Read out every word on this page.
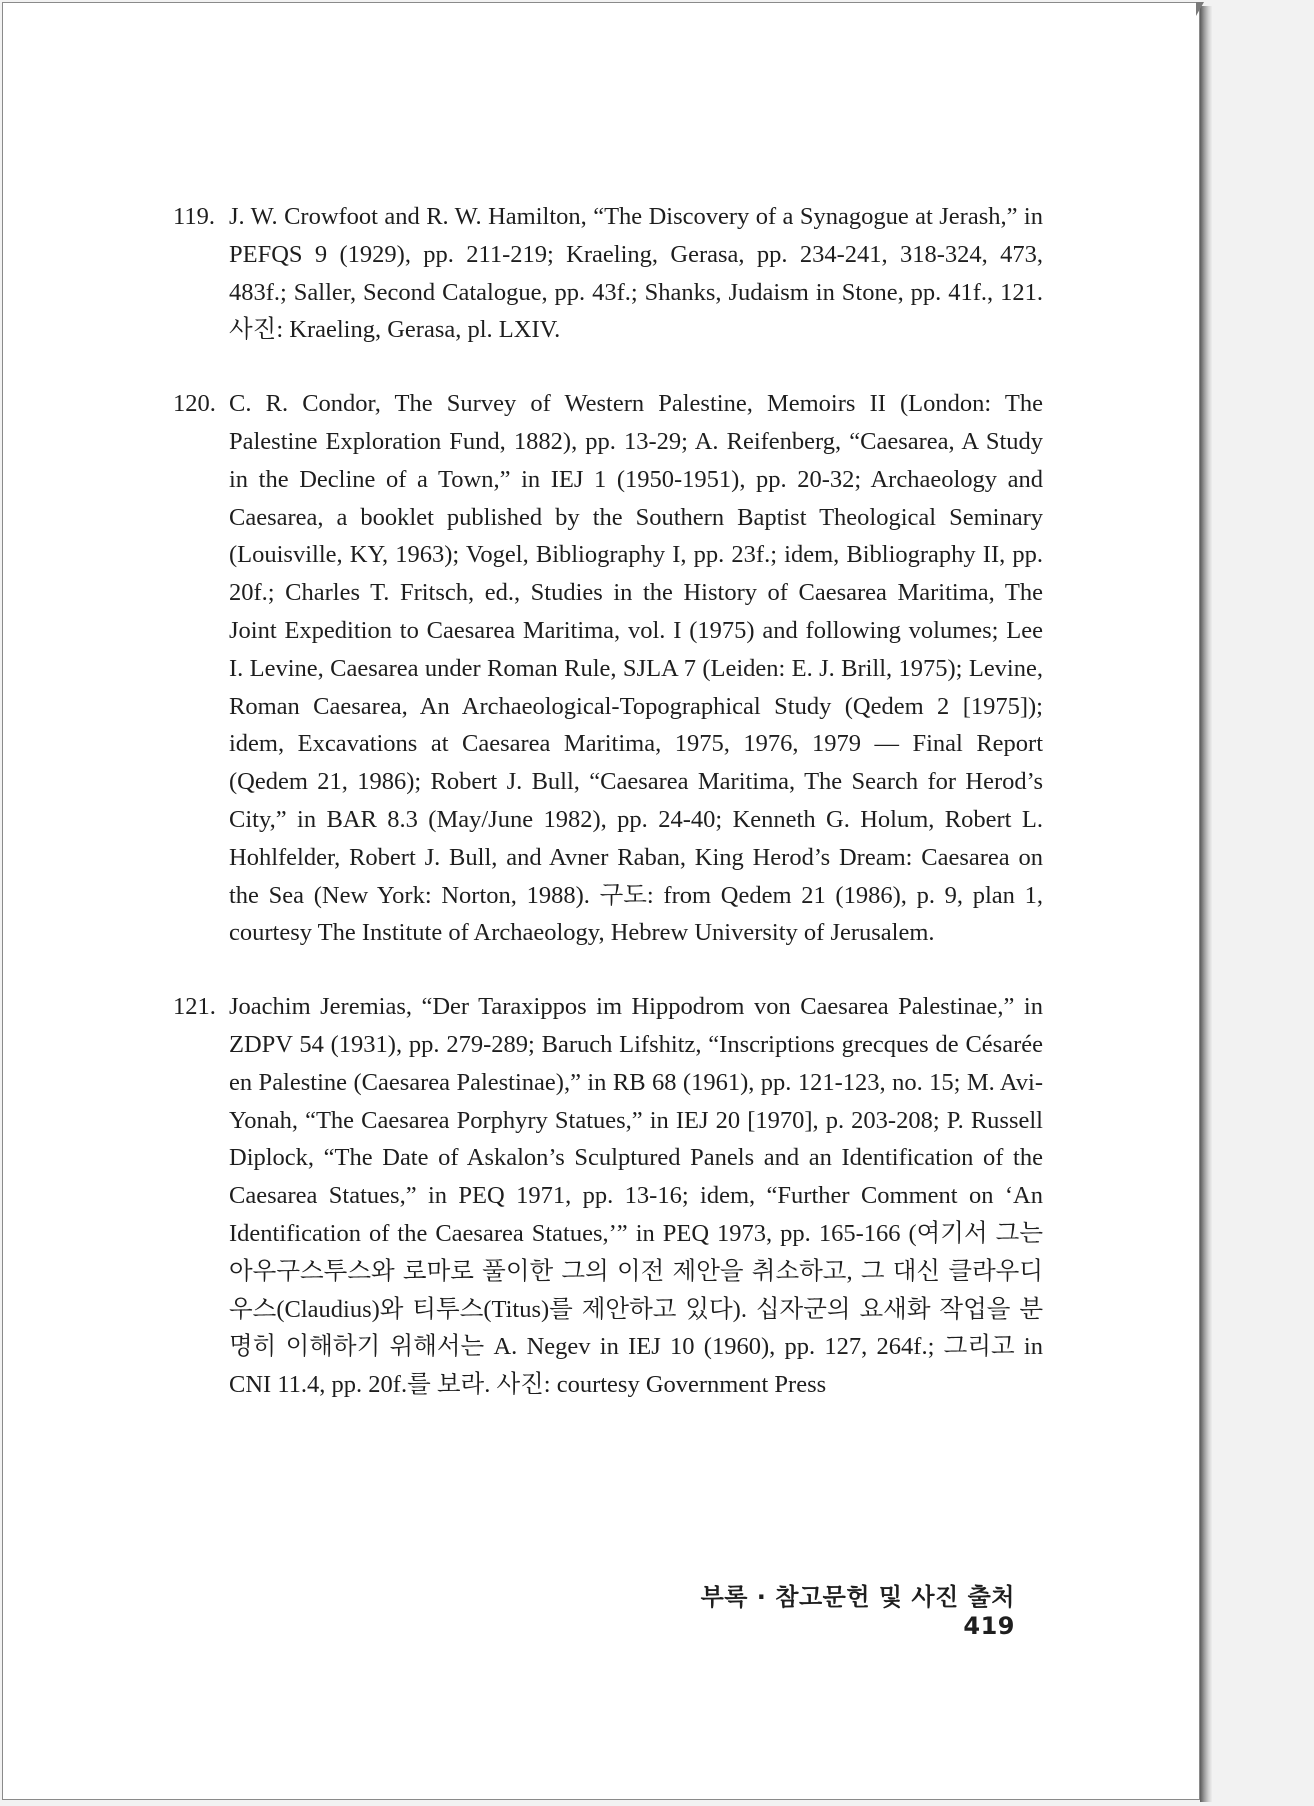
119. J. W. Crowfoot and R. W. Hamilton, “The Discovery of a Synagogue at Jerash,” in PEFQS 9 (1929), pp. 211-219; Kraeling, Gerasa, pp. 234-241, 318-324, 473, 483f.; Saller, Second Catalogue, pp. 43f.; Shanks, Judaism in Stone, pp. 41f., 121. 사진: Kraeling, Gerasa, pl. LXIV.
120. C. R. Condor, The Survey of Western Palestine, Memoirs II (London: The Palestine Exploration Fund, 1882), pp. 13-29; A. Reifenberg, “Caesarea, A Study in the Decline of a Town,” in IEJ 1 (1950-1951), pp. 20-32; Archaeology and Caesarea, a booklet published by the Southern Baptist Theological Seminary (Louisville, KY, 1963); Vogel, Bibliography I, pp. 23f.; idem, Bibliography II, pp. 20f.; Charles T. Fritsch, ed., Studies in the History of Caesarea Maritima, The Joint Expedition to Caesarea Maritima, vol. I (1975) and following volumes; Lee I. Levine, Caesarea under Roman Rule, SJLA 7 (Leiden: E. J. Brill, 1975); Levine, Roman Caesarea, An Archaeological-Topographical Study (Qedem 2 [1975]); idem, Excavations at Caesarea Maritima, 1975, 1976, 1979 — Final Report (Qedem 21, 1986); Robert J. Bull, “Caesarea Maritima, The Search for Herod’s City,” in BAR 8.3 (May/June 1982), pp. 24-40; Kenneth G. Holum, Robert L. Hohlfelder, Robert J. Bull, and Avner Raban, King Herod’s Dream: Caesarea on the Sea (New York: Norton, 1988). 구도: from Qedem 21 (1986), p. 9, plan 1, courtesy The Institute of Archaeology, Hebrew University of Jerusalem.
121. Joachim Jeremias, “Der Taraxippos im Hippodrom von Caesarea Palestinae,” in ZDPV 54 (1931), pp. 279-289; Baruch Lifshitz, “Inscriptions grecques de Césarée en Palestine (Caesarea Palestinae),” in RB 68 (1961), pp. 121-123, no. 15; M. Avi-Yonah, “The Caesarea Porphyry Statues,” in IEJ 20 [1970], p. 203-208; P. Russell Diplock, “The Date of Askalon’s Sculptured Panels and an Identification of the Caesarea Statues,” in PEQ 1971, pp. 13-16; idem, “Further Comment on ‘An Identification of the Caesarea Statues,’” in PEQ 1973, pp. 165-166 (여기서 그는 아우구스투스와 로마로 풀이한 그의 이전 제안을 취소하고, 그 대신 클라우디우스(Claudius)와 티투스(Titus)를 제안하고 있다). 십자군의 요새화 작업을 분명히 이해하기 위해서는 A. Negev in IEJ 10 (1960), pp. 127, 264f.; 그리고 in CNI 11.4, pp. 20f.를 보라. 사진: courtesy Government Press
부록 · 참고문헌 및 사진 출처419
